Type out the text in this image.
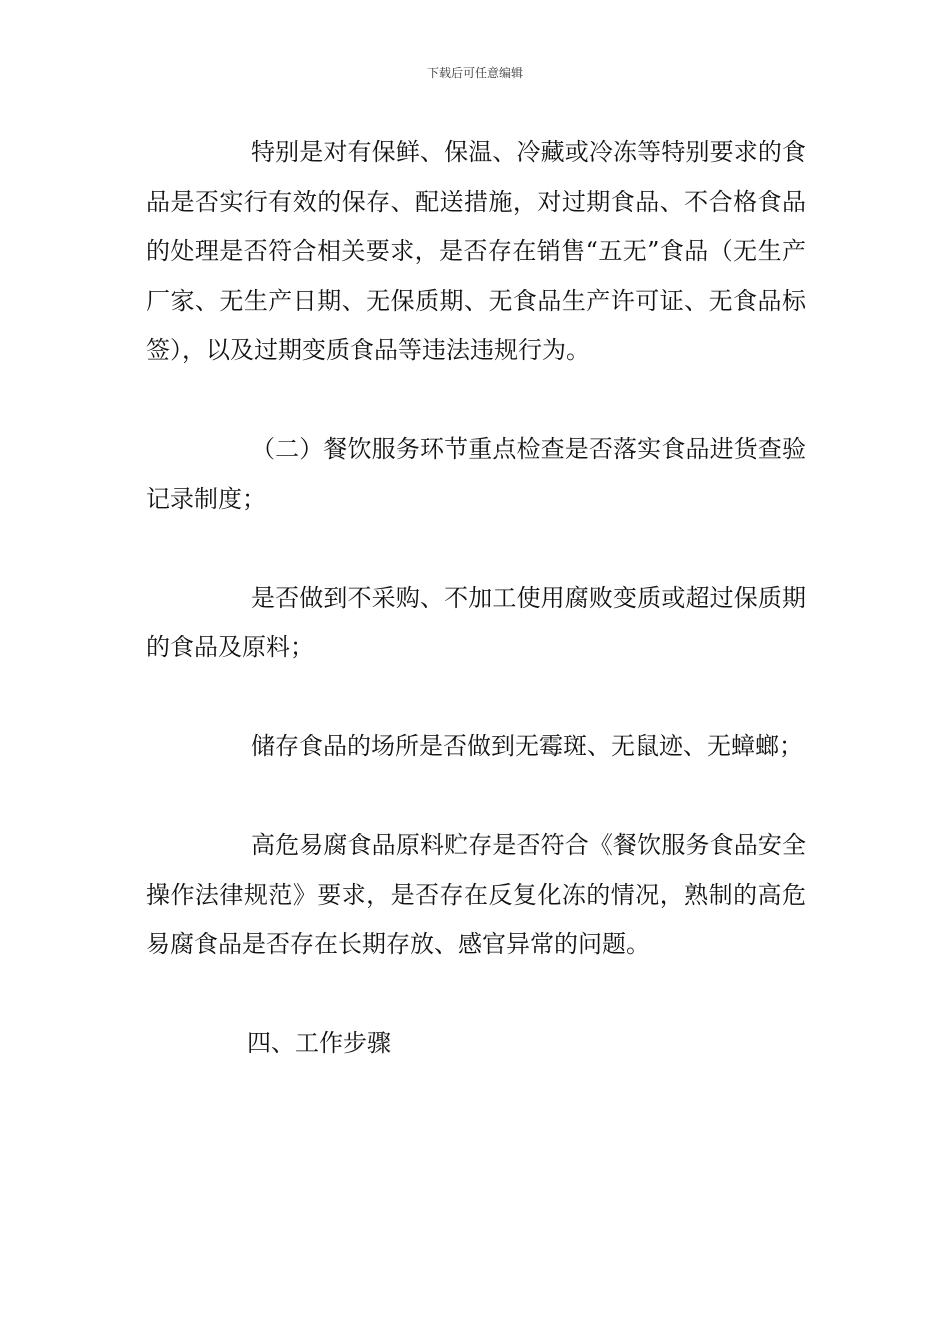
下载后可任意编辑

特别是对有保鲜、保温、冷藏或冷冻等特别要求的食品是否实行有效的保存、配送措施，对过期食品、不合格食品的处理是否符合相关要求，是否存在销售“五无”食品（无生产厂家、无生产日期、无保质期、无食品生产许可证、无食品标签），以及过期变质食品等违法违规行为。

（二）餐饮服务环节重点检查是否落实食品进货查验记录制度；

是否做到不采购、不加工使用腐败变质或超过保质期的食品及原料；

储存食品的场所是否做到无霉斑、无鼠迹、无蟑螂；

高危易腐食品原料贮存是否符合《餐饮服务食品安全操作法律规范》要求，是否存在反复化冻的情况，熟制的高危易腐食品是否存在长期存放、感官异常的问题。

四、工作步骤
